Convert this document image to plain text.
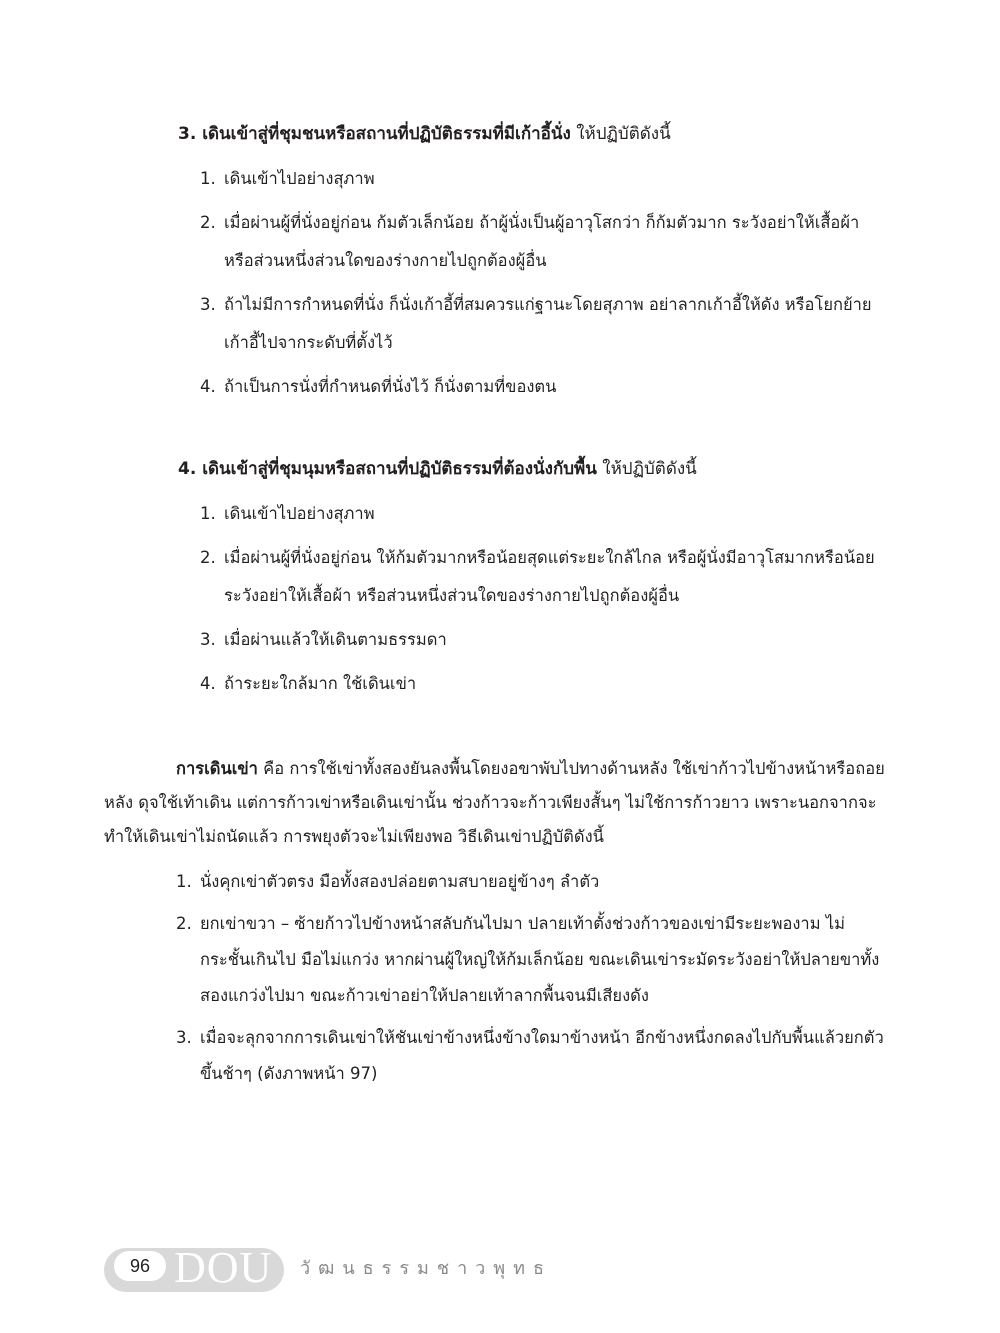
3. เดินเข้าสู่ที่ชุมชนหรือสถานที่ปฏิบัติธรรมที่มีเก้าอี้นั่ง ให้ปฏิบัติดังนี้

1. เดินเข้าไปอย่างสุภาพ
2. เมื่อผ่านผู้ที่นั่งอยู่ก่อน ก้มตัวเล็กน้อย ถ้าผู้นั่งเป็นผู้อาวุโสกว่า ก็ก้มตัวมาก ระวังอย่าให้เสื้อผ้าหรือส่วนหนึ่งส่วนใดของร่างกายไปถูกต้องผู้อื่น
3. ถ้าไม่มีการกำหนดที่นั่ง ก็นั่งเก้าอี้ที่สมควรแก่ฐานะโดยสุภาพ อย่าลากเก้าอี้ให้ดัง หรือโยกย้ายเก้าอี้ไปจากระดับที่ตั้งไว้
4. ถ้าเป็นการนั่งที่กำหนดที่นั่งไว้ ก็นั่งตามที่ของตน

4. เดินเข้าสู่ที่ชุมนุมหรือสถานที่ปฏิบัติธรรมที่ต้องนั่งกับพื้น ให้ปฏิบัติดังนี้

1. เดินเข้าไปอย่างสุภาพ
2. เมื่อผ่านผู้ที่นั่งอยู่ก่อน ให้ก้มตัวมากหรือน้อยสุดแต่ระยะใกล้ไกล หรือผู้นั่งมีอาวุโสมากหรือน้อย ระวังอย่าให้เสื้อผ้า หรือส่วนหนึ่งส่วนใดของร่างกายไปถูกต้องผู้อื่น
3. เมื่อผ่านแล้วให้เดินตามธรรมดา
4. ถ้าระยะใกล้มาก ใช้เดินเข่า
การเดินเข่า คือ การใช้เข่าทั้งสองยันลงพื้นโดยงอขาพับไปทางด้านหลัง ใช้เข่าก้าวไปข้างหน้าหรือถอยหลัง ดุจใช้เท้าเดิน แต่การก้าวเข่าหรือเดินเข่านั้น ช่วงก้าวจะก้าวเพียงสั้นๆ ไม่ใช้การก้าวยาว เพราะนอกจากจะทำให้เดินเข่าไม่ถนัดแล้ว การพยุงตัวจะไม่เพียงพอ วิธีเดินเข่าปฏิบัติดังนี้
1. นั่งคุกเข่าตัวตรง มือทั้งสองปล่อยตามสบายอยู่ข้างๆ ลำตัว
2. ยกเข่าขวา – ซ้ายก้าวไปข้างหน้าสลับกันไปมา ปลายเท้าตั้งช่วงก้าวของเข่ามีระยะพองาม ไม่กระชั้นเกินไป มือไม่แกว่ง หากผ่านผู้ใหญ่ให้ก้มเล็กน้อย ขณะเดินเข่าระมัดระวังอย่าให้ปลายขาทั้งสองแกว่งไปมา ขณะก้าวเข่าอย่าให้ปลายเท้าลากพื้นจนมีเสียงดัง
3. เมื่อจะลุกจากการเดินเข่าให้ชันเข่าข้างหนึ่งข้างใดมาข้างหน้า อีกข้างหนึ่งกดลงไปกับพื้นแล้วยกตัวขึ้นช้าๆ (ดังภาพหน้า 97)
96 DOU วัฒนธรรมชาวพุทธ
